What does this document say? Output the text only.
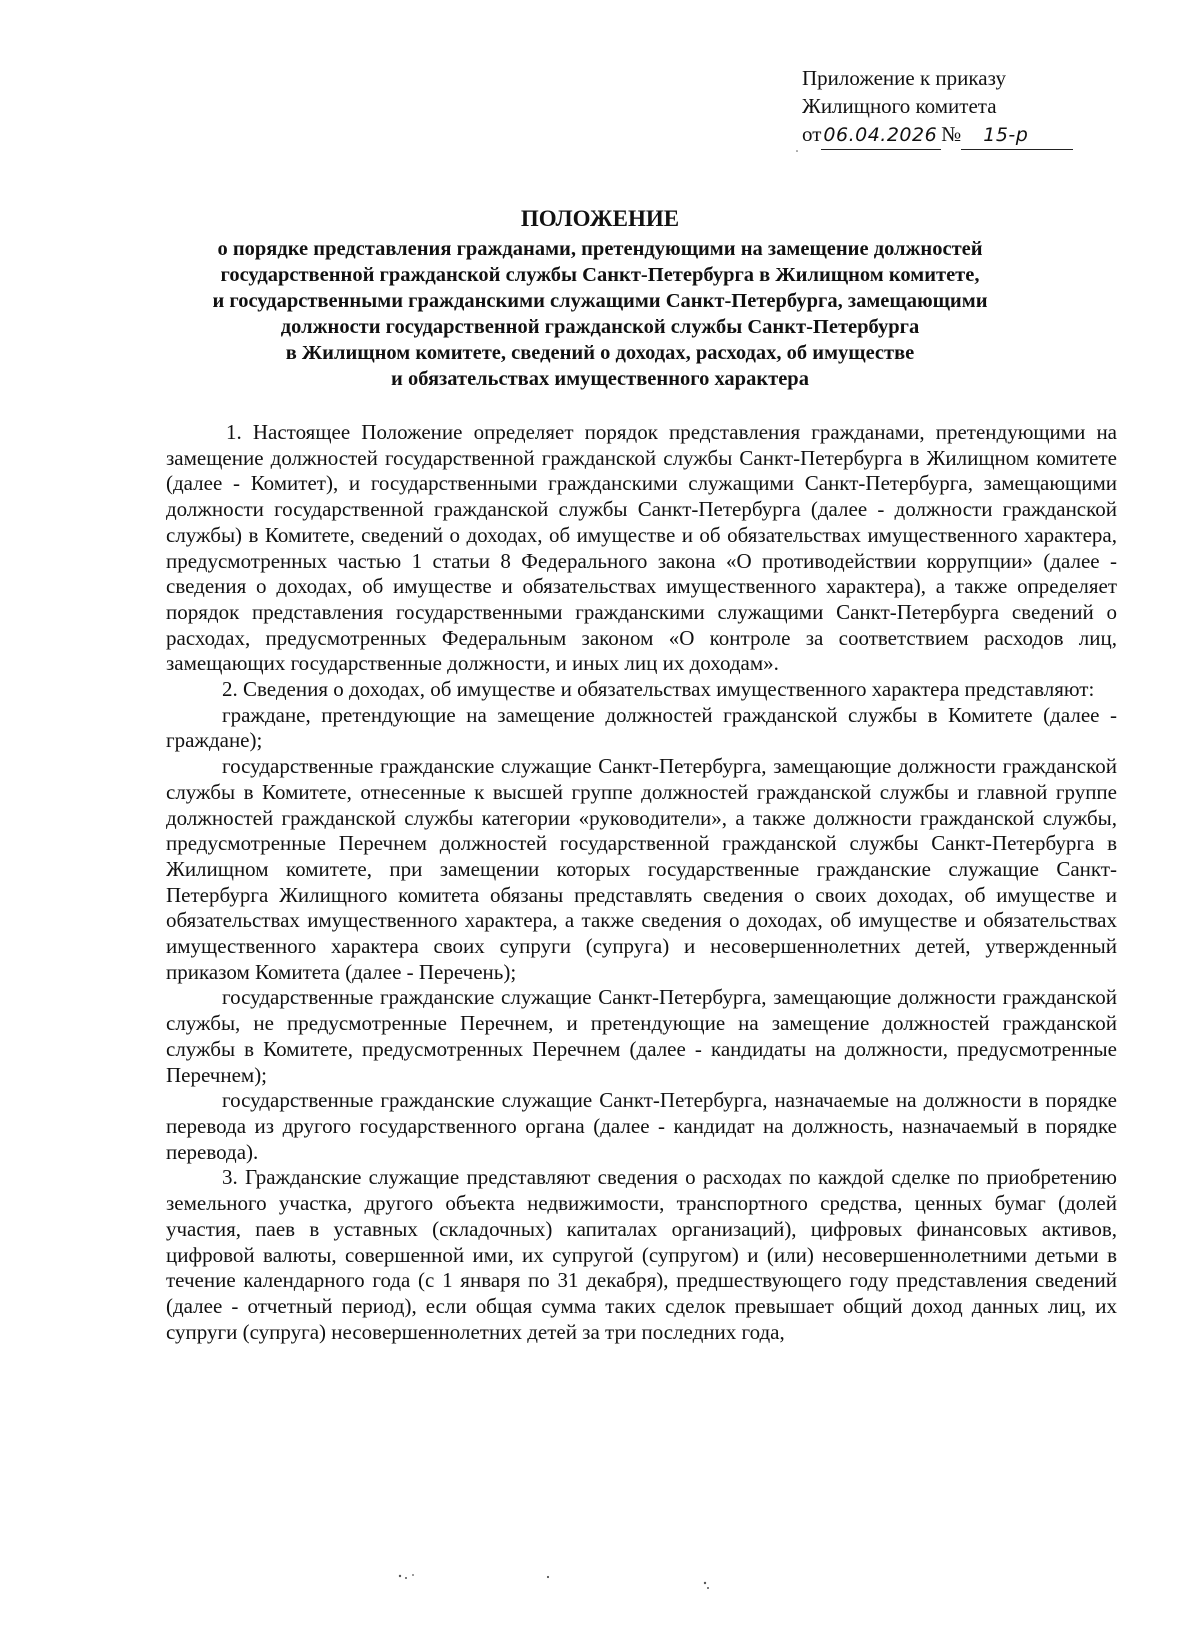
Приложение к приказу
Жилищного комитета
от 06.04.2026 № 15-р
ПОЛОЖЕНИЕ
о порядке представления гражданами, претендующими на замещение должностей
государственной гражданской службы Санкт-Петербурга в Жилищном комитете,
и государственными гражданскими служащими Санкт-Петербурга, замещающими
должности государственной гражданской службы Санкт-Петербурга
в Жилищном комитете, сведений о доходах, расходах, об имуществе
и обязательствах имущественного характера

1. Настоящее Положение определяет порядок представления гражданами, претендующими на замещение должностей государственной гражданской службы Санкт-Петербурга в Жилищном комитете (далее - Комитет), и государственными гражданскими служащими Санкт-Петербурга, замещающими должности государственной гражданской службы Санкт-Петербурга (далее - должности гражданской службы) в Комитете, сведений о доходах, об имуществе и об обязательствах имущественного характера, предусмотренных частью 1 статьи 8 Федерального закона «О противодействии коррупции» (далее - сведения о доходах, об имуществе и обязательствах имущественного характера), а также определяет порядок представления государственными гражданскими служащими Санкт-Петербурга сведений о расходах, предусмотренных Федеральным законом «О контроле за соответствием расходов лиц, замещающих государственные должности, и иных лиц их доходам».

2. Сведения о доходах, об имуществе и обязательствах имущественного характера представляют:

граждане, претендующие на замещение должностей гражданской службы в Комитете (далее - граждане);

государственные гражданские служащие Санкт-Петербурга, замещающие должности гражданской службы в Комитете, отнесенные к высшей группе должностей гражданской службы и главной группе должностей гражданской службы категории «руководители», а также должности гражданской службы, предусмотренные Перечнем должностей государственной гражданской службы Санкт-Петербурга в Жилищном комитете, при замещении которых государственные гражданские служащие Санкт-Петербурга Жилищного комитета обязаны представлять сведения о своих доходах, об имуществе и обязательствах имущественного характера, а также сведения о доходах, об имуществе и обязательствах имущественного характера своих супруги (супруга) и несовершеннолетних детей, утвержденный приказом Комитета (далее - Перечень);

государственные гражданские служащие Санкт-Петербурга, замещающие должности гражданской службы, не предусмотренные Перечнем, и претендующие на замещение должностей гражданской службы в Комитете, предусмотренных Перечнем (далее - кандидаты на должности, предусмотренные Перечнем);

государственные гражданские служащие Санкт-Петербурга, назначаемые на должности в порядке перевода из другого государственного органа (далее - кандидат на должность, назначаемый в порядке перевода).

3. Гражданские служащие представляют сведения о расходах по каждой сделке по приобретению земельного участка, другого объекта недвижимости, транспортного средства, ценных бумаг (долей участия, паев в уставных (складочных) капиталах организаций), цифровых финансовых активов, цифровой валюты, совершенной ими, их супругой (супругом) и (или) несовершеннолетними детьми в течение календарного года (с 1 января по 31 декабря), предшествующего году представления сведений (далее - отчетный период), если общая сумма таких сделок превышает общий доход данных лиц, их супруги (супруга) несовершеннолетних детей за три последних года,
